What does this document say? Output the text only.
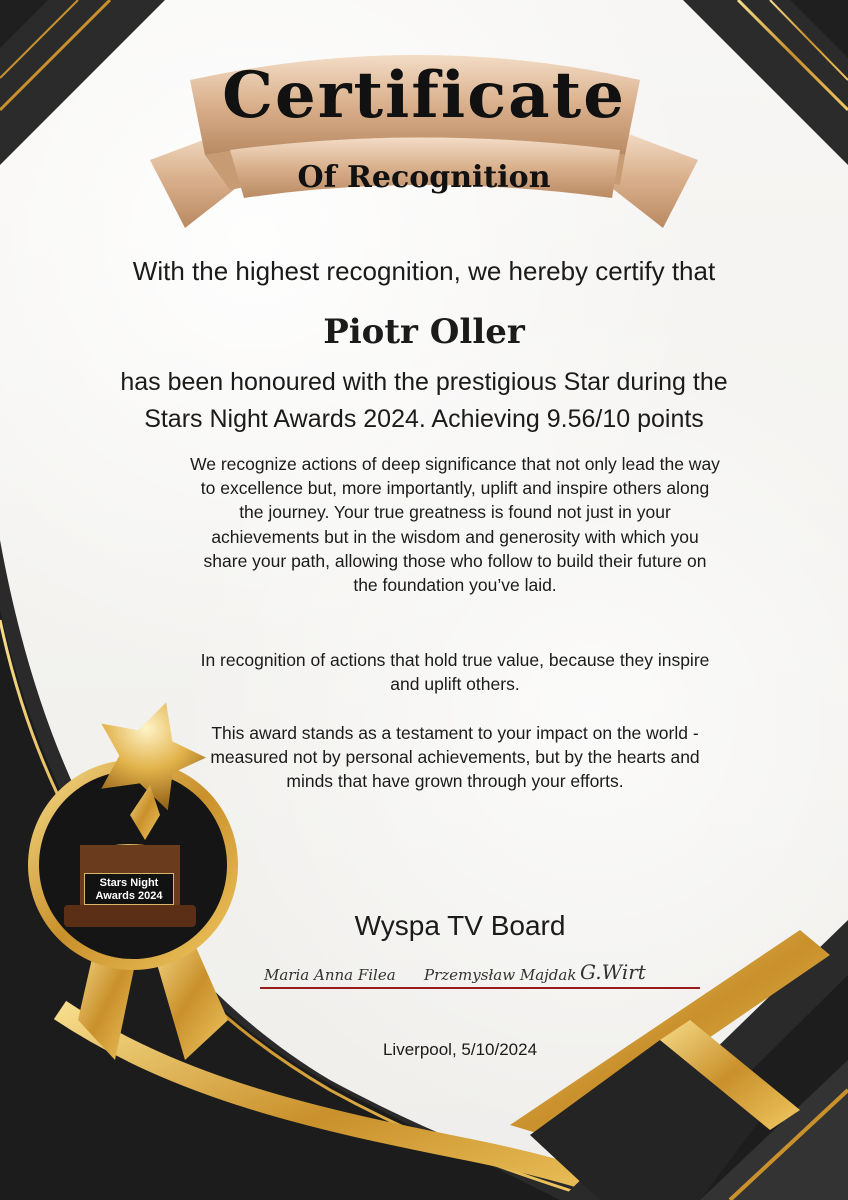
Certificate
Of Recognition
With the highest recognition, we hereby certify that
Piotr Oller
has been honoured with the prestigious Star during the
Stars Night Awards 2024. Achieving 9.56/10 points
We recognize actions of deep significance that not only lead the way to excellence but, more importantly, uplift and inspire others along the journey. Your true greatness is found not just in your achievements but in the wisdom and generosity with which you share your path, allowing those who follow to build their future on the foundation you’ve laid.
In recognition of actions that hold true value, because they inspire and uplift others.
This award stands as a testament to your impact on the world - measured not by personal achievements, but by the hearts and minds that have grown through your efforts.
Stars Night
Awards 2024
Wyspa TV Board
Maria Anna Filea Przemysław Majdak G.Wirt
Liverpool, 5/10/2024
